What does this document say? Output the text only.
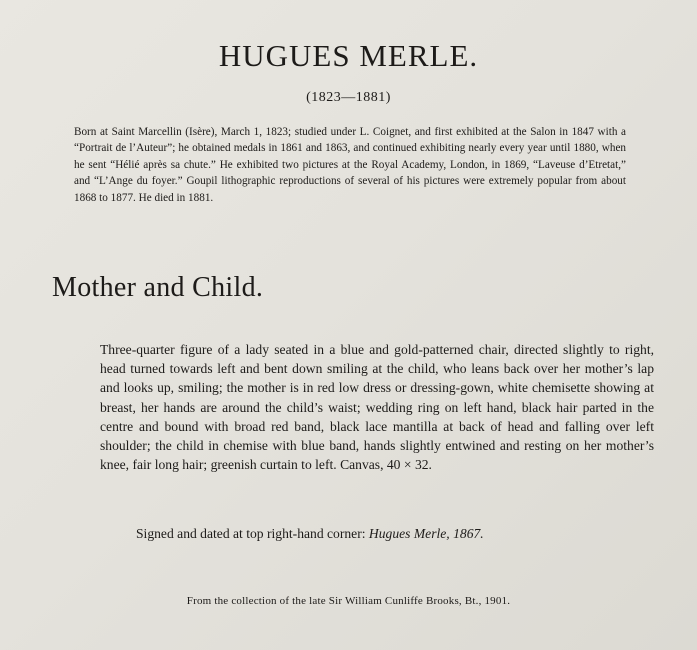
HUGUES MERLE.
(1823—1881)

Born at Saint Marcellin (Isère), March 1, 1823; studied under L. Coignet, and first exhibited at the Salon in 1847 with a “Portrait de l’Auteur”; he obtained medals in 1861 and 1863, and continued exhibiting nearly every year until 1880, when he sent “Hélié après sa chute.” He exhibited two pictures at the Royal Academy, London, in 1869, “Laveuse d’Etretat,” and “L’Ange du foyer.” Goupil lithographic reproductions of several of his pictures were extremely popular from about 1868 to 1877. He died in 1881.

Mother and Child.

Three-quarter figure of a lady seated in a blue and gold-patterned chair, directed slightly to right, head turned towards left and bent down smiling at the child, who leans back over her mother’s lap and looks up, smiling; the mother is in red low dress or dressing-gown, white chemisette showing at breast, her hands are around the child’s waist; wedding ring on left hand, black hair parted in the centre and bound with broad red band, black lace mantilla at back of head and falling over left shoulder; the child in chemise with blue band, hands slightly entwined and resting on her mother’s knee, fair long hair; greenish curtain to left. Canvas, 40 × 32.

Signed and dated at top right-hand corner: Hugues Merle, 1867.

From the collection of the late Sir William Cunliffe Brooks, Bt., 1901.
